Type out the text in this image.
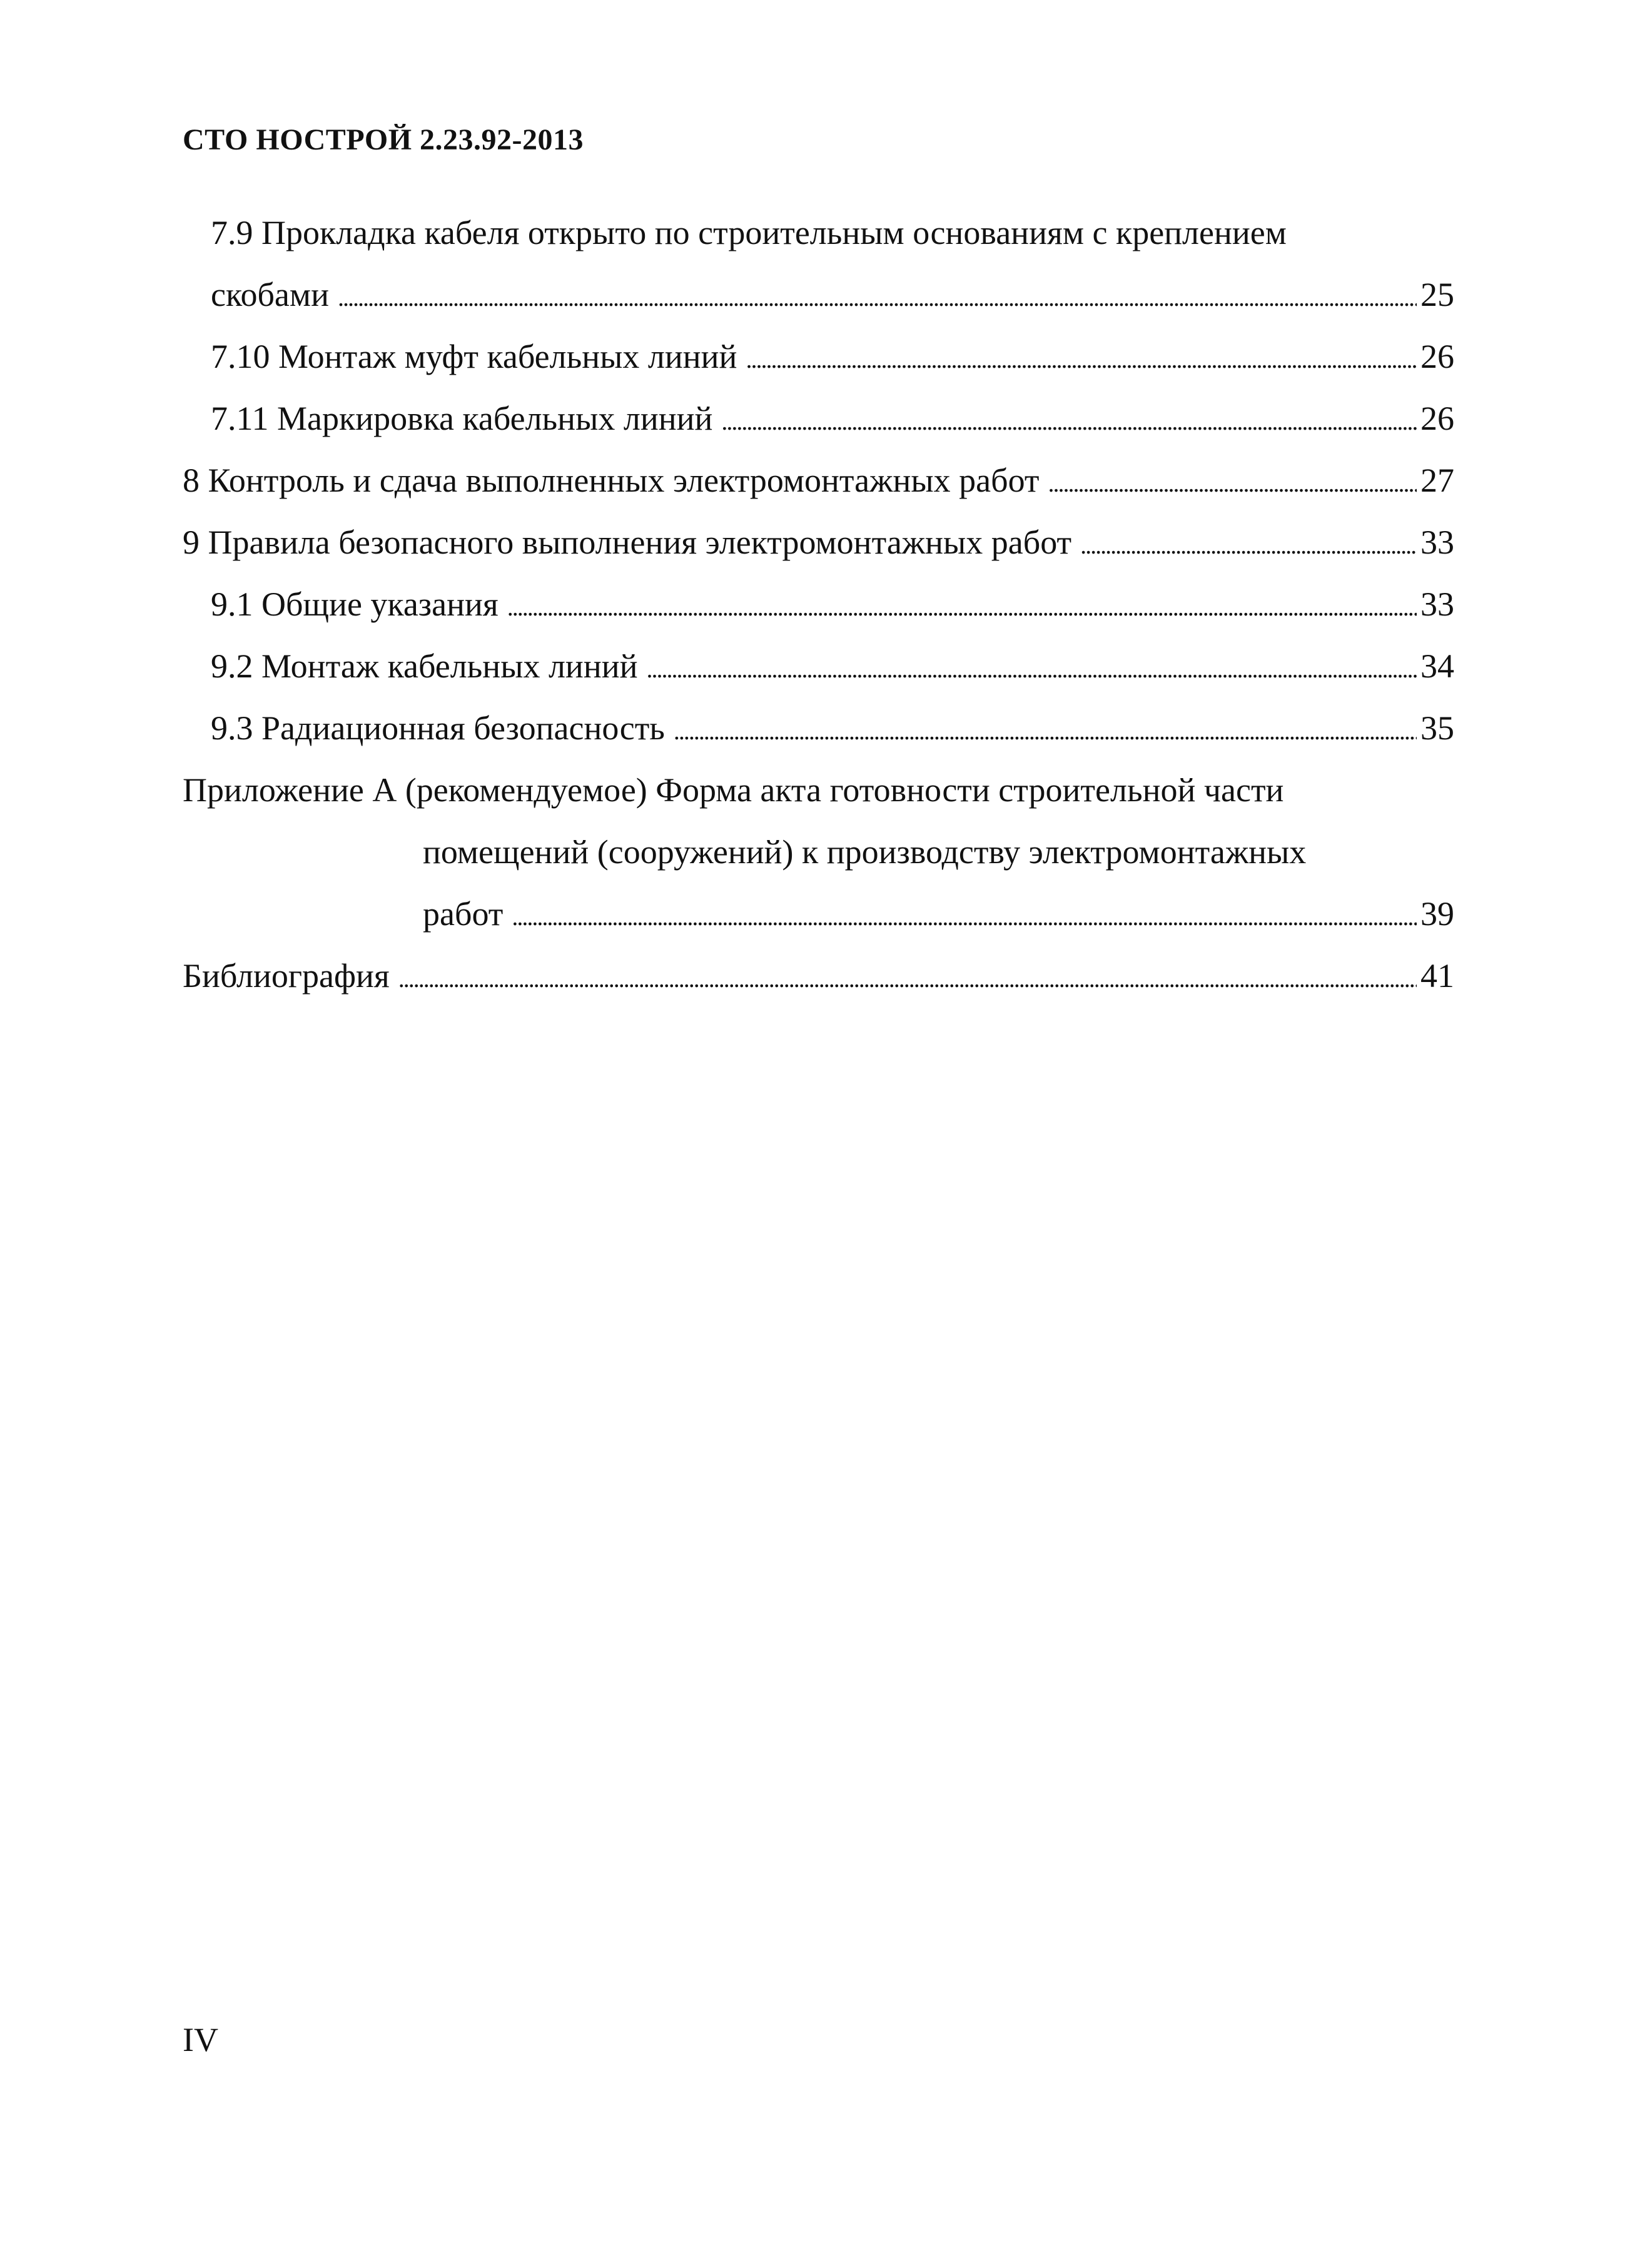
СТО НОСТРОЙ 2.23.92-2013
7.9 Прокладка кабеля открыто по строительным основаниям с креплением
скобами . . .	25
7.10 Монтаж муфт кабельных линий . . .	26
7.11 Маркировка кабельных линий . . .	26
8 Контроль и сдача выполненных электромонтажных работ . . .	27
9 Правила безопасного выполнения электромонтажных работ . . .	33
9.1 Общие указания . . .	33
9.2 Монтаж кабельных линий . . .	34
9.3 Радиационная безопасность . . .	35
Приложение А (рекомендуемое) Форма акта готовности строительной части
помещений (сооружений) к производству электромонтажных
работ . . .	39
Библиография . . .	41
IV
